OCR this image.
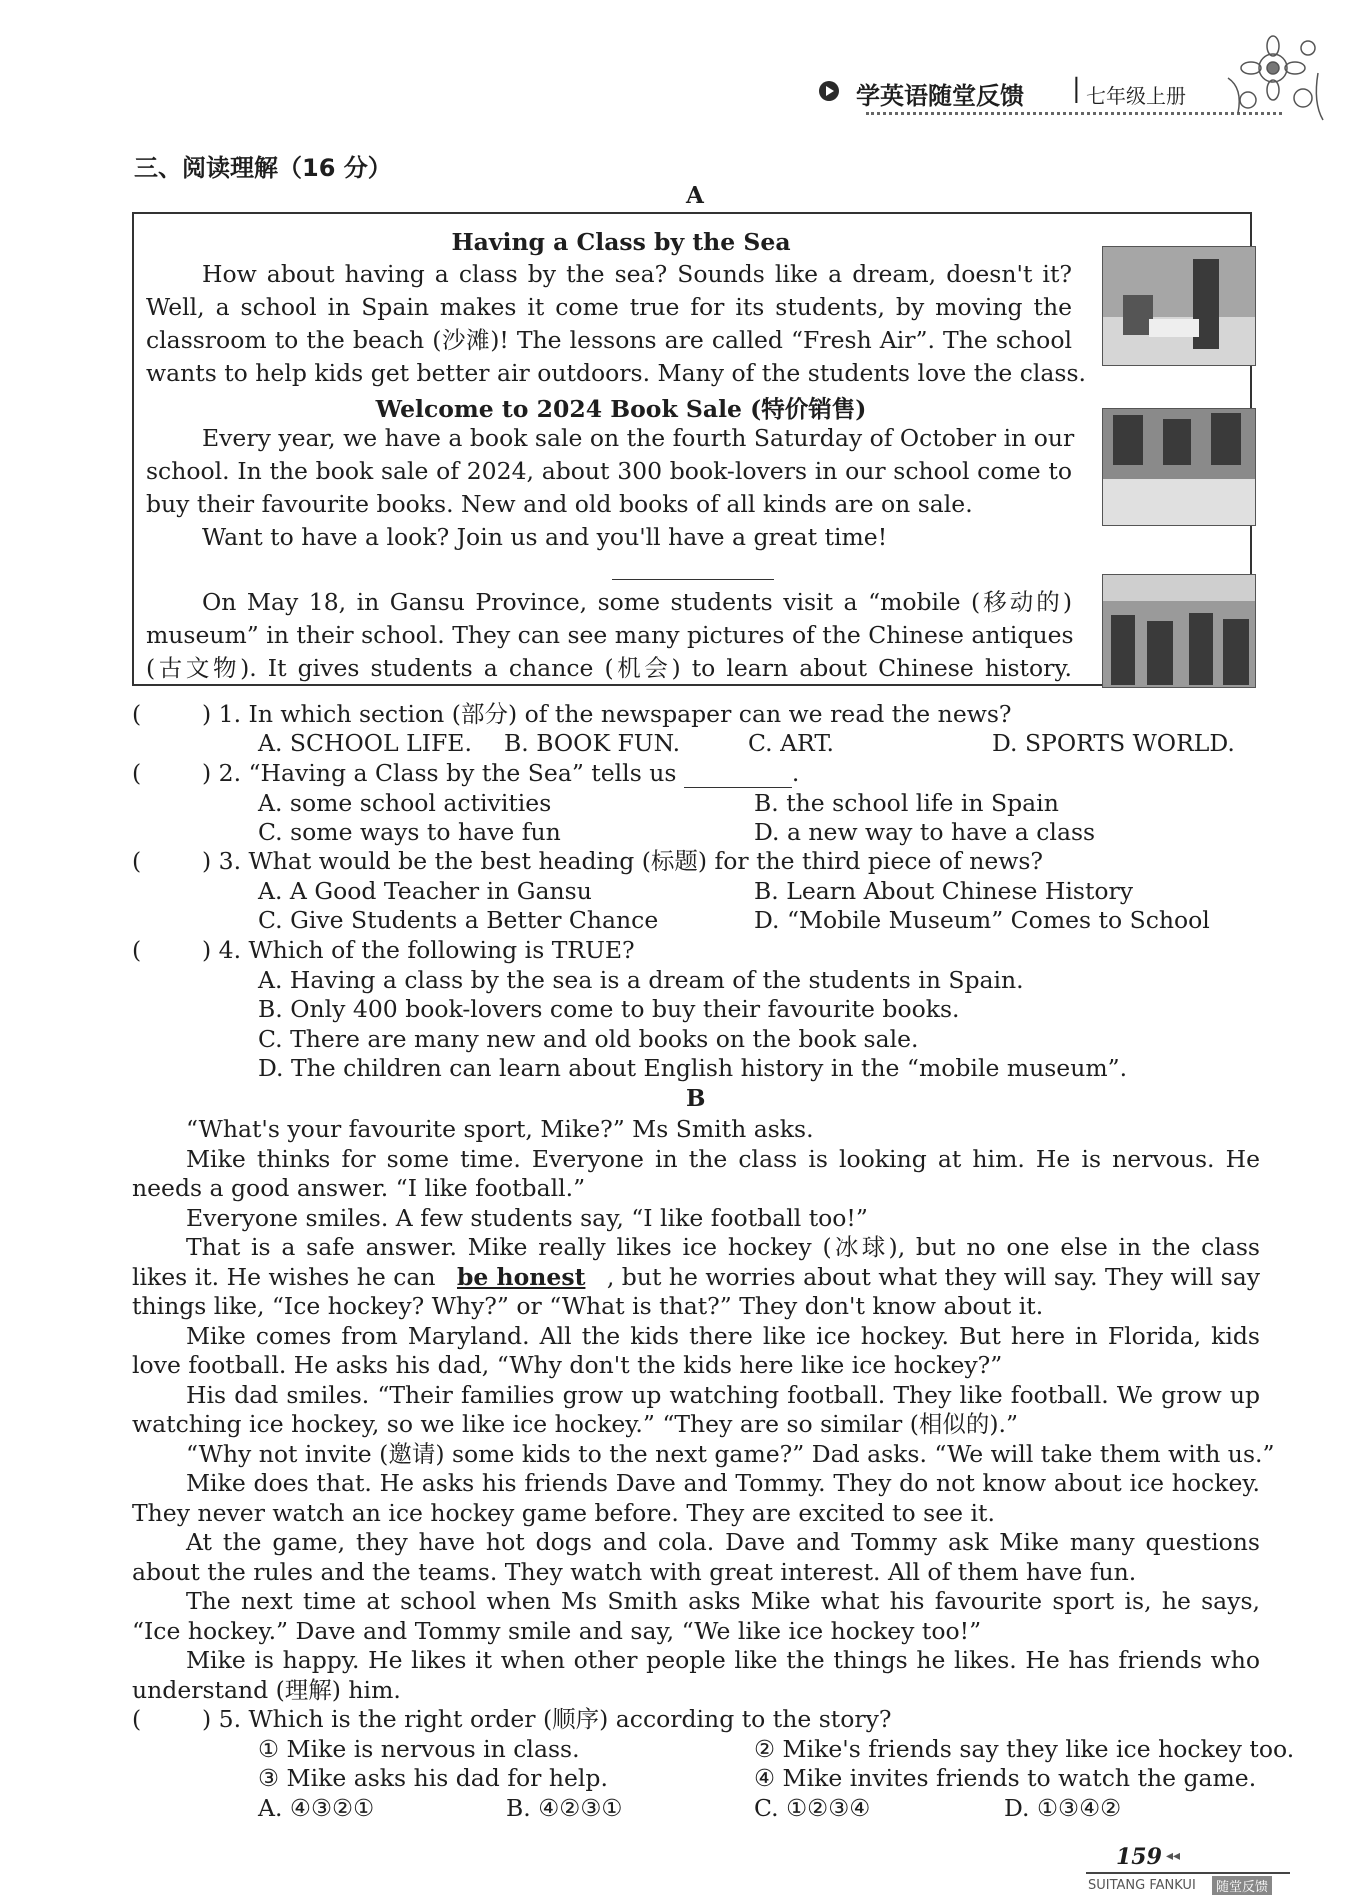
学英语随堂反馈 | 七年级上册
三、阅读理解（16 分）
A
Having a Class by the Sea
How about having a class by the sea? Sounds like a dream, doesn't it?
Well, a school in Spain makes it come true for its students, by moving the
classroom to the beach (沙滩)! The lessons are called “Fresh Air”. The school
wants to help kids get better air outdoors. Many of the students love the class.
Welcome to 2024 Book Sale (特价销售)
Every year, we have a book sale on the fourth Saturday of October in our
school. In the book sale of 2024, about 300 book-lovers in our school come to
buy their favourite books. New and old books of all kinds are on sale.
Want to have a look? Join us and you'll have a great time!
On May 18, in Gansu Province, some students visit a “mobile (移动的)
museum” in their school. They can see many pictures of the Chinese antiques
(古文物). It gives students a chance (机会) to learn about Chinese history.
(	) 1. In which section (部分) of the newspaper can we read the news?
A. SCHOOL LIFE. B. BOOK FUN.	C. ART.	D. SPORTS WORLD.
(	) 2. “Having a Class by the Sea” tells us	.
A. some school activities	B. the school life in Spain
C. some ways to have fun	D. a new way to have a class
(	) 3. What would be the best heading (标题) for the third piece of news?
A. A Good Teacher in Gansu	B. Learn About Chinese History
C. Give Students a Better Chance	D. “Mobile Museum” Comes to School
(	) 4. Which of the following is TRUE?
A. Having a class by the sea is a dream of the students in Spain.
B. Only 400 book-lovers come to buy their favourite books.
C. There are many new and old books on the book sale.
D. The children can learn about English history in the “mobile museum”.
B
“What's your favourite sport, Mike?” Ms Smith asks.
Mike thinks for some time. Everyone in the class is looking at him. He is nervous. He
needs a good answer. “I like football.”
Everyone smiles. A few students say, “I like football too!”
That is a safe answer. Mike really likes ice hockey (冰球), but no one else in the class
likes it. He wishes he can be honest , but he worries about what they will say. They will say
things like, “Ice hockey? Why?” or “What is that?” They don't know about it.
Mike comes from Maryland. All the kids there like ice hockey. But here in Florida, kids
love football. He asks his dad, “Why don't the kids here like ice hockey?”
His dad smiles. “Their families grow up watching football. They like football. We grow up
watching ice hockey, so we like ice hockey.” “They are so similar (相似的).”
“Why not invite (邀请) some kids to the next game?” Dad asks. “We will take them with us.”
Mike does that. He asks his friends Dave and Tommy. They do not know about ice hockey.
They never watch an ice hockey game before. They are excited to see it.
At the game, they have hot dogs and cola. Dave and Tommy ask Mike many questions
about the rules and the teams. They watch with great interest. All of them have fun.
The next time at school when Ms Smith asks Mike what his favourite sport is, he says,
“Ice hockey.” Dave and Tommy smile and say, “We like ice hockey too!”
Mike is happy. He likes it when other people like the things he likes. He has friends who
understand (理解) him.
(	) 5. Which is the right order (顺序) according to the story?
① Mike is nervous in class.	② Mike's friends say they like ice hockey too.
③ Mike asks his dad for help.	④ Mike invites friends to watch the game.
A. ④③②①	B. ④②③①	C. ①②③④	D. ①③④②
159 ◂◂
SUITANG FANKUI	随堂反馈
